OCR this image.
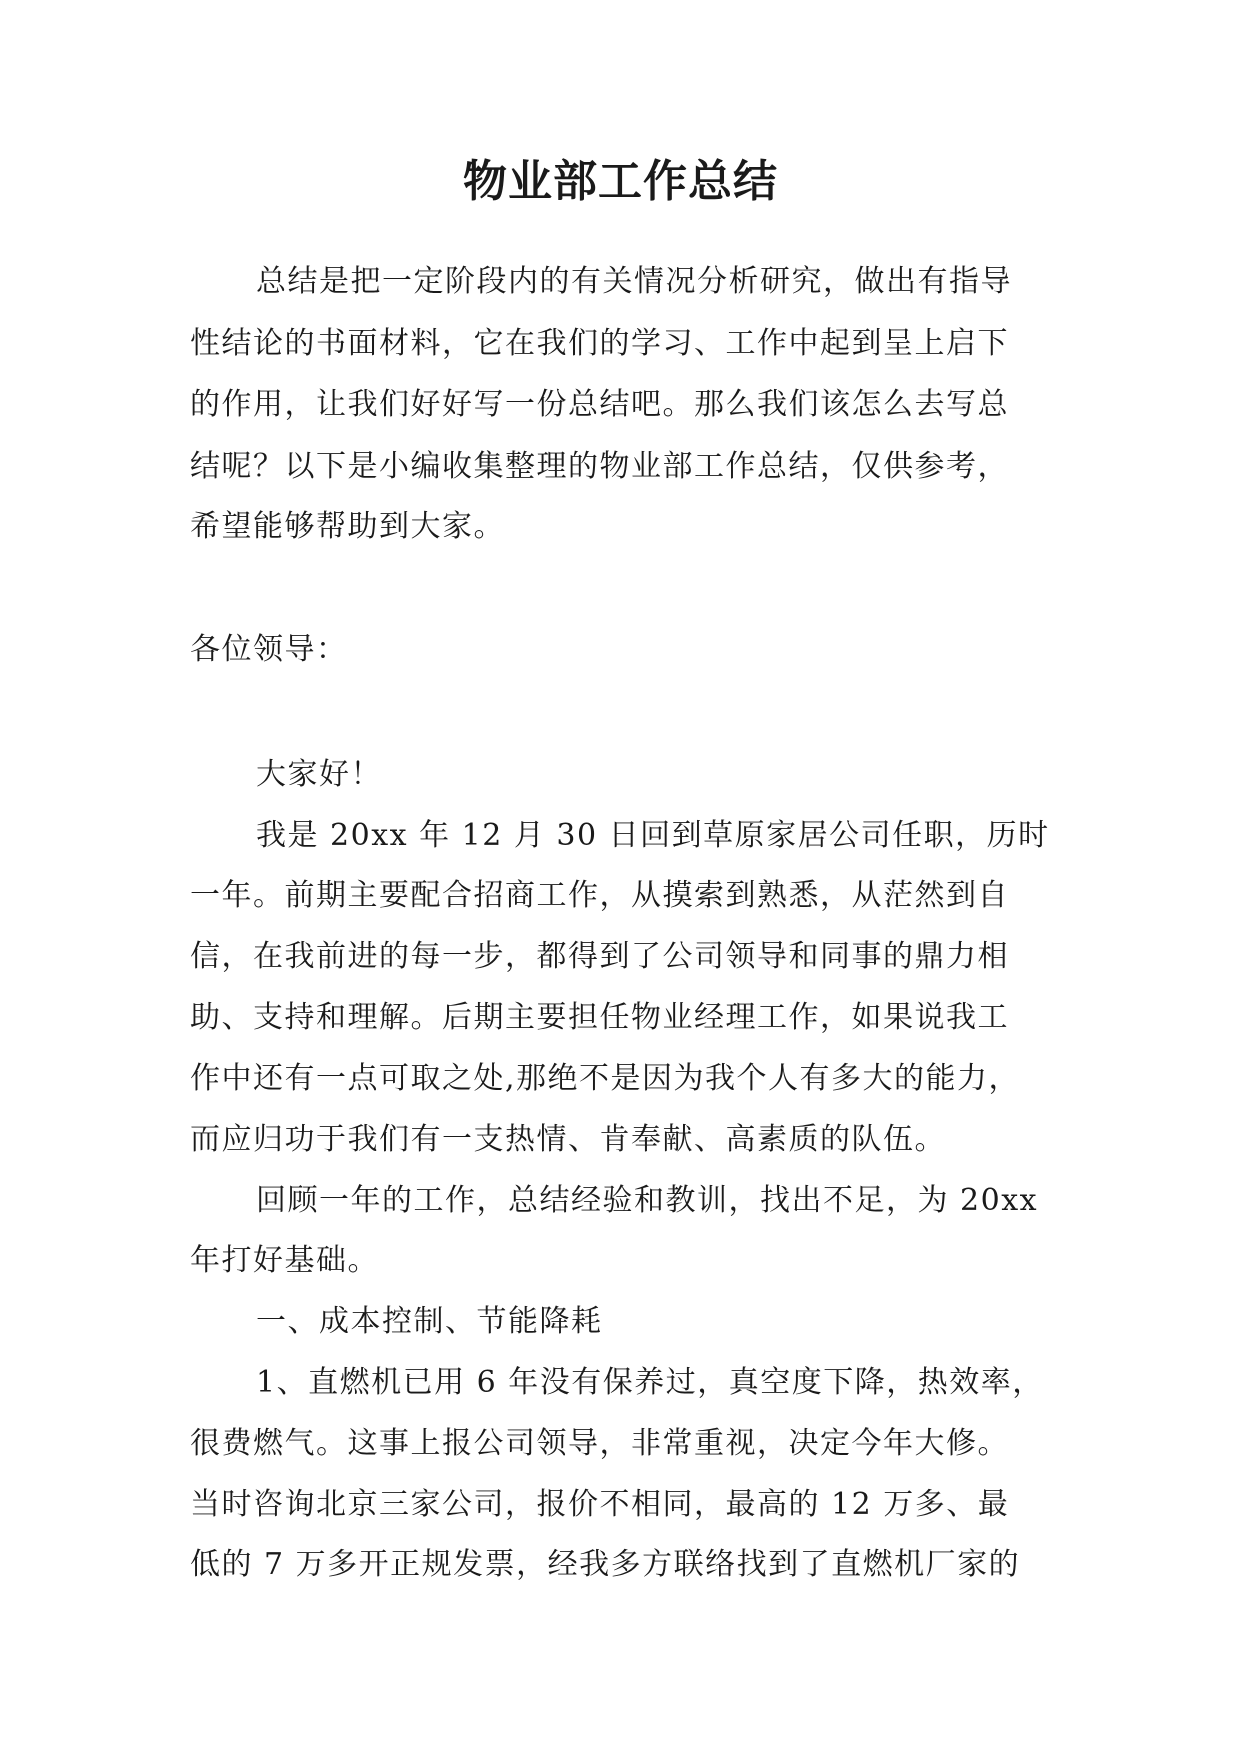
物业部工作总结

总结是把一定阶段内的有关情况分析研究，做出有指导

性结论的书面材料，它在我们的学习、工作中起到呈上启下

的作用，让我们好好写一份总结吧。那么我们该怎么去写总

结呢？以下是小编收集整理的物业部工作总结，仅供参考，

希望能够帮助到大家。

各位领导：

大家好！

我是 20xx 年 12 月 30 日回到草原家居公司任职，历时

一年。前期主要配合招商工作，从摸索到熟悉，从茫然到自

信，在我前进的每一步，都得到了公司领导和同事的鼎力相

助、支持和理解。后期主要担任物业经理工作，如果说我工

作中还有一点可取之处,那绝不是因为我个人有多大的能力，

而应归功于我们有一支热情、肯奉献、高素质的队伍。

回顾一年的工作，总结经验和教训，找出不足，为 20xx

年打好基础。

一、成本控制、节能降耗

1、直燃机已用 6 年没有保养过，真空度下降，热效率，

很费燃气。这事上报公司领导，非常重视，决定今年大修。

当时咨询北京三家公司，报价不相同，最高的 12 万多、最

低的 7 万多开正规发票，经我多方联络找到了直燃机厂家的
